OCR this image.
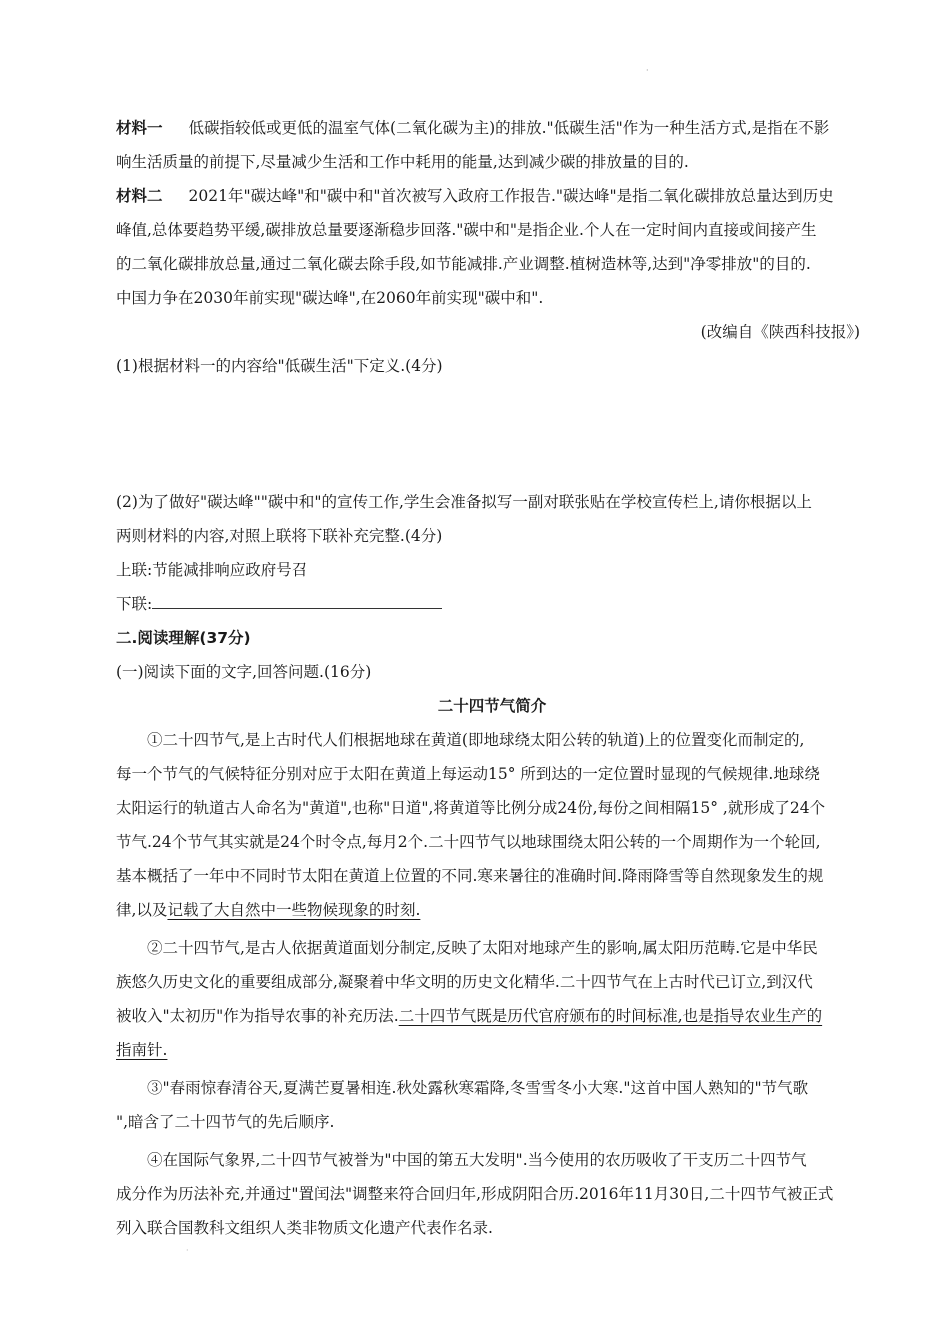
·
材料一 低碳指较低或更低的温室气体(二氧化碳为主)的排放."低碳生活"作为一种生活方式,是指在不影
响生活质量的前提下,尽量减少生活和工作中耗用的能量,达到减少碳的排放量的目的.
材料二 2021年"碳达峰"和"碳中和"首次被写入政府工作报告."碳达峰"是指二氧化碳排放总量达到历史
峰值,总体要趋势平缓,碳排放总量要逐渐稳步回落."碳中和"是指企业.个人在一定时间内直接或间接产生
的二氧化碳排放总量,通过二氧化碳去除手段,如节能减排.产业调整.植树造林等,达到"净零排放"的目的.
中国力争在2030年前实现"碳达峰",在2060年前实现"碳中和".
(改编自《陕西科技报》)
(1)根据材料一的内容给"低碳生活"下定义.(4分)
(2)为了做好"碳达峰""碳中和"的宣传工作,学生会准备拟写一副对联张贴在学校宣传栏上,请你根据以上
两则材料的内容,对照上联将下联补充完整.(4分)
上联:节能减排响应政府号召
下联:
二.阅读理解(37分)
(一)阅读下面的文字,回答问题.(16分)
二十四节气简介
①二十四节气,是上古时代人们根据地球在黄道(即地球绕太阳公转的轨道)上的位置变化而制定的,
每一个节气的气候特征分别对应于太阳在黄道上每运动15° 所到达的一定位置时显现的气候规律.地球绕
太阳运行的轨道古人命名为"黄道",也称"日道",将黄道等比例分成24份,每份之间相隔15° ,就形成了24个
节气.24个节气其实就是24个时令点,每月2个.二十四节气以地球围绕太阳公转的一个周期作为一个轮回,
基本概括了一年中不同时节太阳在黄道上位置的不同.寒来暑往的准确时间.降雨降雪等自然现象发生的规
律,以及记载了大自然中一些物候现象的时刻.
②二十四节气,是古人依据黄道面划分制定,反映了太阳对地球产生的影响,属太阳历范畴.它是中华民
族悠久历史文化的重要组成部分,凝聚着中华文明的历史文化精华.二十四节气在上古时代已订立,到汉代
被收入"太初历"作为指导农事的补充历法.二十四节气既是历代官府颁布的时间标准,也是指导农业生产的
指南针.
③"春雨惊春清谷天,夏满芒夏暑相连.秋处露秋寒霜降,冬雪雪冬小大寒."这首中国人熟知的"节气歌
",暗含了二十四节气的先后顺序.
④在国际气象界,二十四节气被誉为"中国的第五大发明".当今使用的农历吸收了干支历二十四节气
成分作为历法补充,并通过"置闰法"调整来符合回归年,形成阴阳合历.2016年11月30日,二十四节气被正式
列入联合国教科文组织人类非物质文化遗产代表作名录.
·
